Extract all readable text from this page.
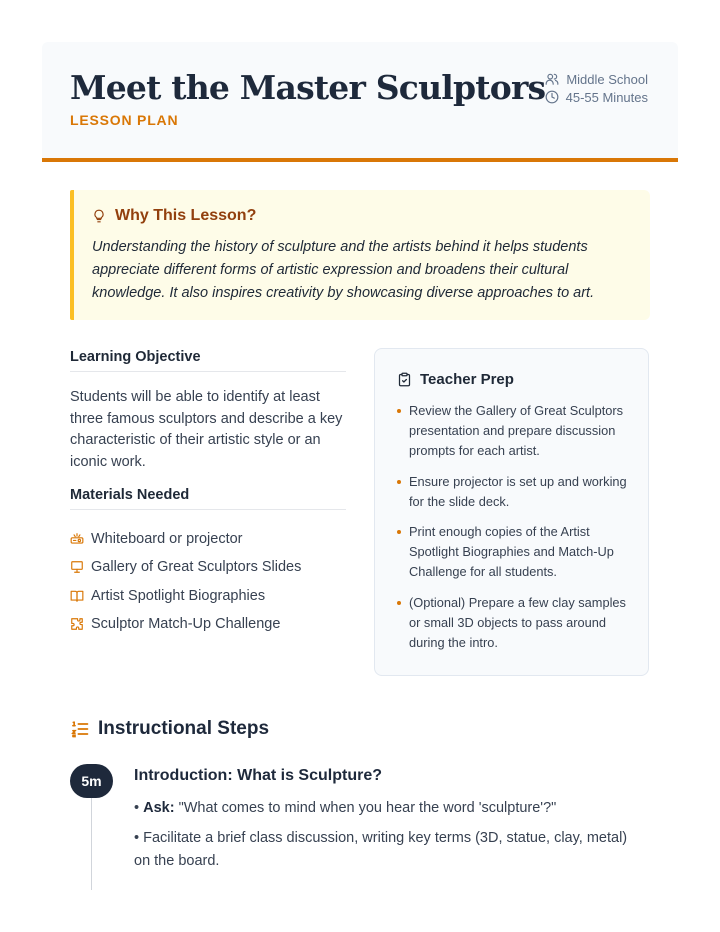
Meet the Master Sculptors
LESSON PLAN
Middle School
45-55 Minutes
Why This Lesson?

Understanding the history of sculpture and the artists behind it helps students appreciate different forms of artistic expression and broadens their cultural knowledge. It also inspires creativity by showcasing diverse approaches to art.

Learning Objective

Students will be able to identify at least three famous sculptors and describe a key characteristic of their artistic style or an iconic work.

Materials Needed
Whiteboard or projector
Gallery of Great Sculptors Slides
Artist Spotlight Biographies
Sculptor Match-Up Challenge
Teacher Prep
Review the Gallery of Great Sculptors presentation and prepare discussion prompts for each artist.
Ensure projector is set up and working for the slide deck.
Print enough copies of the Artist Spotlight Biographies and Match-Up Challenge for all students.
(Optional) Prepare a few clay samples or small 3D objects to pass around during the intro.
Instructional Steps
5m	Introduction: What is Sculpture?

• Ask: "What comes to mind when you hear the word 'sculpture'?"

• Facilitate a brief class discussion, writing key terms (3D, statue, clay, metal) on the board.
